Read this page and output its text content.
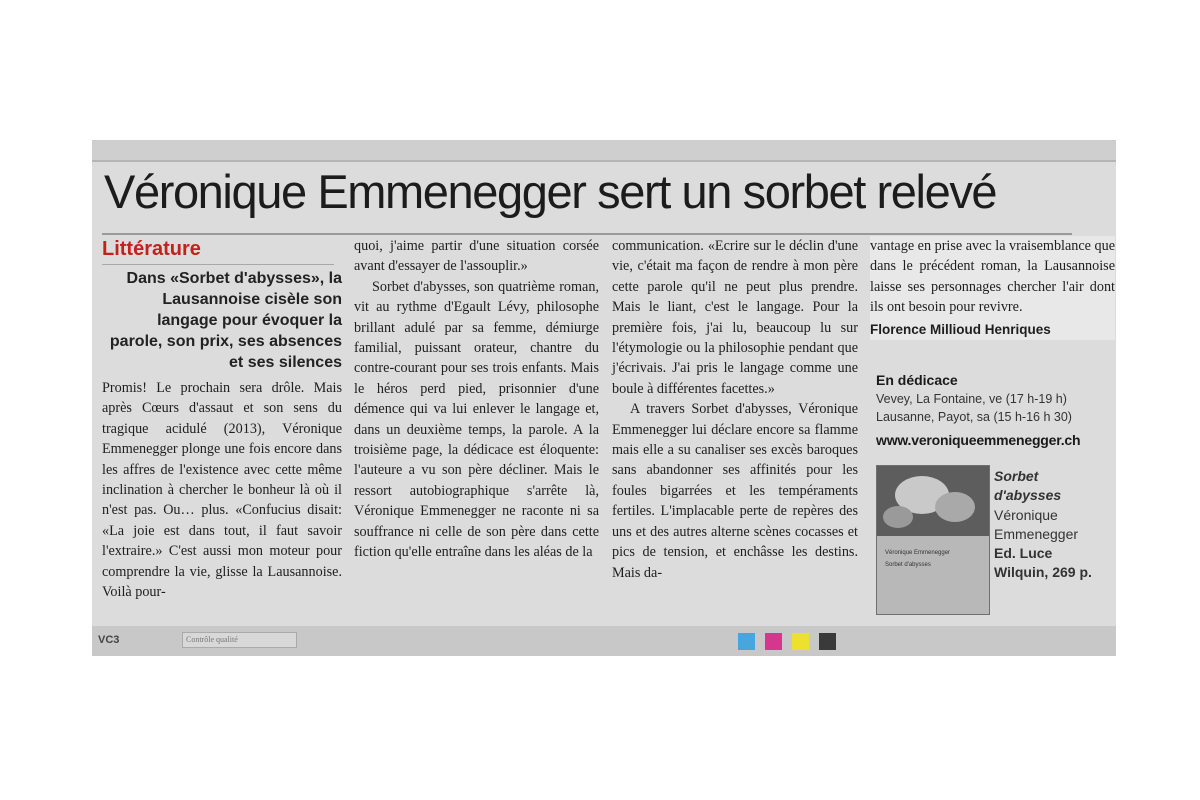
Véronique Emmenegger sert un sorbet relevé
Littérature

Dans «Sorbet d'abysses», la Lausannoise cisèle son langage pour évoquer la parole, son prix, ses absences et ses silences

Promis! Le prochain sera drôle. Mais après Cœurs d'assaut et son sens du tragique acidulé (2013), Véronique Emmenegger plonge une fois encore dans les affres de l'existence avec cette même inclination à chercher le bonheur là où il n'est pas. Ou… plus. «Confucius disait: «La joie est dans tout, il faut savoir l'extraire.» C'est aussi mon moteur pour comprendre la vie, glisse la Lausannoise. Voilà pour-

quoi, j'aime partir d'une situation corsée avant d'essayer de l'assouplir.»

Sorbet d'abysses, son quatrième roman, vit au rythme d'Egault Lévy, philosophe brillant adulé par sa femme, démiurge familial, puissant orateur, chantre du contre-courant pour ses trois enfants. Mais le héros perd pied, prisonnier d'une démence qui va lui enlever le langage et, dans un deuxième temps, la parole. A la troisième page, la dédicace est éloquente: l'auteure a vu son père décliner. Mais le ressort autobiographique s'arrête là, Véronique Emmenegger ne raconte ni sa souffrance ni celle de son père dans cette fiction qu'elle entraîne dans les aléas de la

communication. «Ecrire sur le déclin d'une vie, c'était ma façon de rendre à mon père cette parole qu'il ne peut plus prendre. Mais le liant, c'est le langage. Pour la première fois, j'ai lu, beaucoup lu sur l'étymologie ou la philosophie pendant que j'écrivais. J'ai pris le langage comme une boule à différentes facettes.»

A travers Sorbet d'abysses, Véronique Emmenegger lui déclare encore sa flamme mais elle a su canaliser ses excès baroques sans abandonner ses affinités pour les foules bigarrées et les tempéraments fertiles. L'implacable perte de repères des uns et des autres alterne scènes cocasses et pics de tension, et enchâsse les destins. Mais da-

vantage en prise avec la vraisemblance que dans le précédent roman, la Lausannoise laisse ses personnages chercher l'air dont ils ont besoin pour revivre.

Florence Millioud Henriques
En dédicace
Vevey, La Fontaine, ve (17 h-19 h)
Lausanne, Payot, sa (15 h-16 h 30)
www.veroniqueemmenegger.ch
Véronique Emmenegger
Sorbet d'abysses
Sorbet
d'abysses
Véronique
Emmenegger
Ed. Luce
Wilquin, 269 p.
VC3	Contrôle qualité
